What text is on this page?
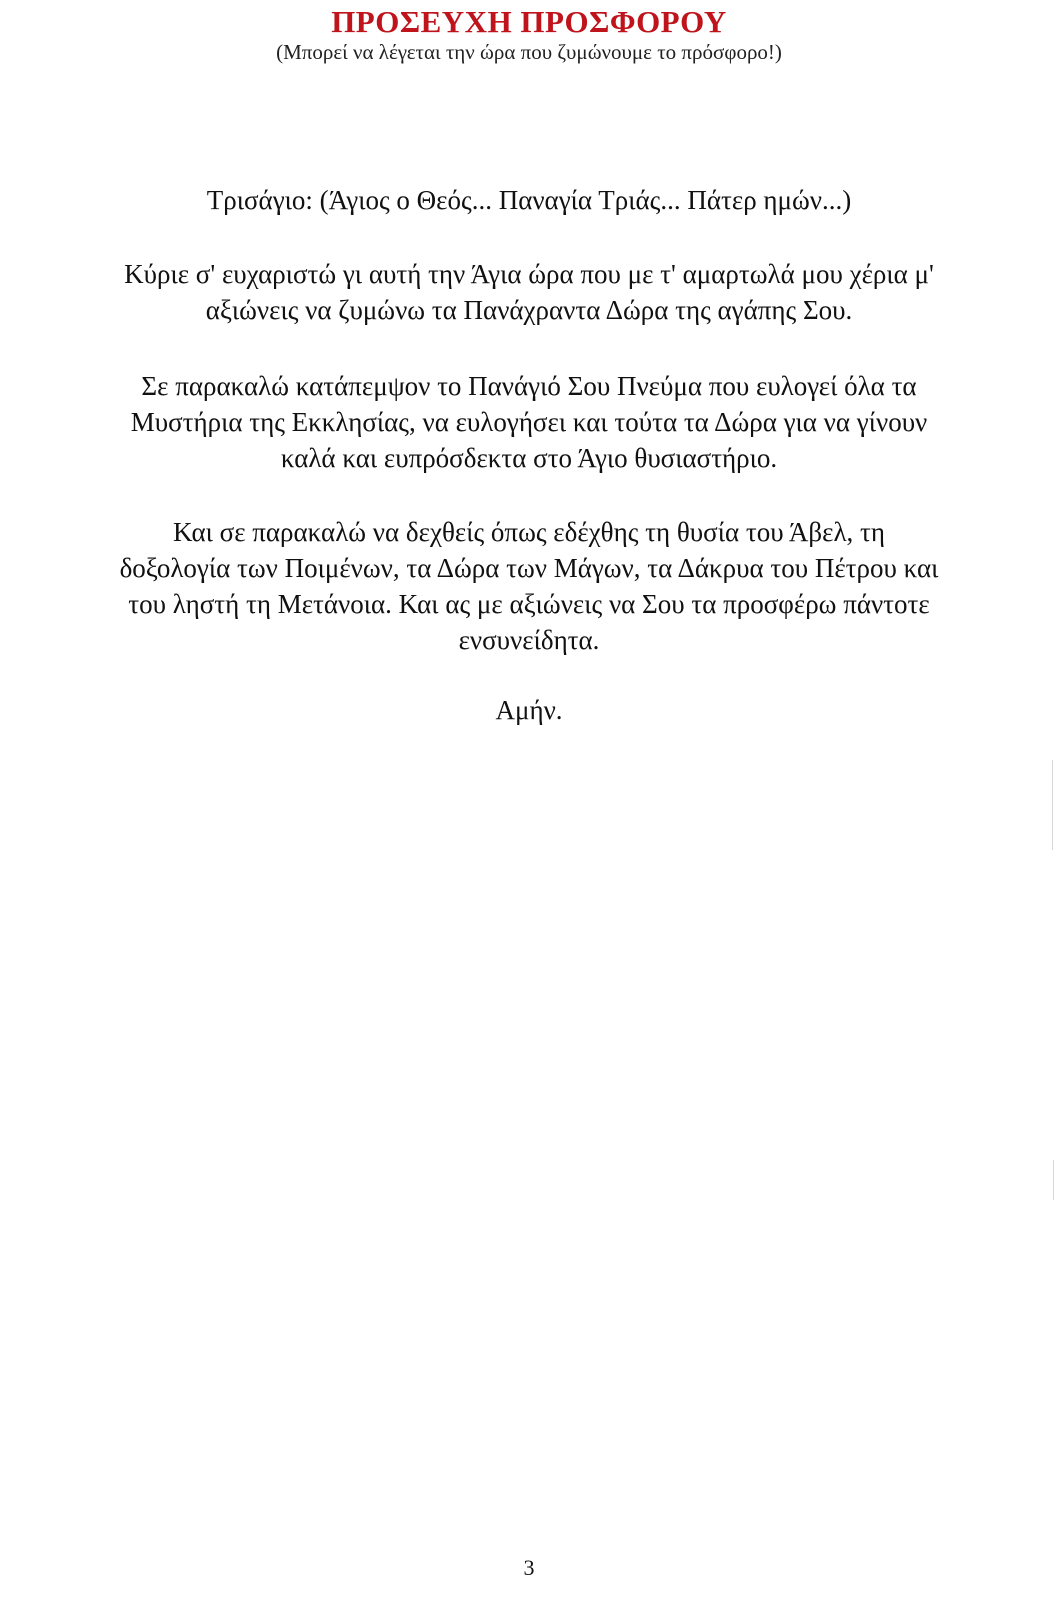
ΠΡΟΣΕΥΧΗ ΠΡΟΣΦΟΡΟΥ

(Μπορεί να λέγεται την ώρα που ζυμώνουμε το πρόσφορο!)

Τρισάγιο: (Άγιος ο Θεός... Παναγία Τριάς... Πάτερ ημών...)

Κύριε σ' ευχαριστώ γι αυτή την Άγια ώρα που με τ' αμαρτωλά μου χέρια μ'
αξιώνεις να ζυμώνω τα Πανάχραντα Δώρα της αγάπης Σου.
Σε παρακαλώ κατάπεμψον το Πανάγιό Σου Πνεύμα που ευλογεί όλα τα
Μυστήρια της Εκκλησίας, να ευλογήσει και τούτα τα Δώρα για να γίνουν
καλά και ευπρόσδεκτα στο Άγιο θυσιαστήριο.
Και σε παρακαλώ να δεχθείς όπως εδέχθης τη θυσία του Άβελ, τη
δοξολογία των Ποιμένων, τα Δώρα των Μάγων, τα Δάκρυα του Πέτρου και
του ληστή τη Μετάνοια. Και ας με αξιώνεις να Σου τα προσφέρω πάντοτε
ενσυνείδητα.

Αμήν.

3
